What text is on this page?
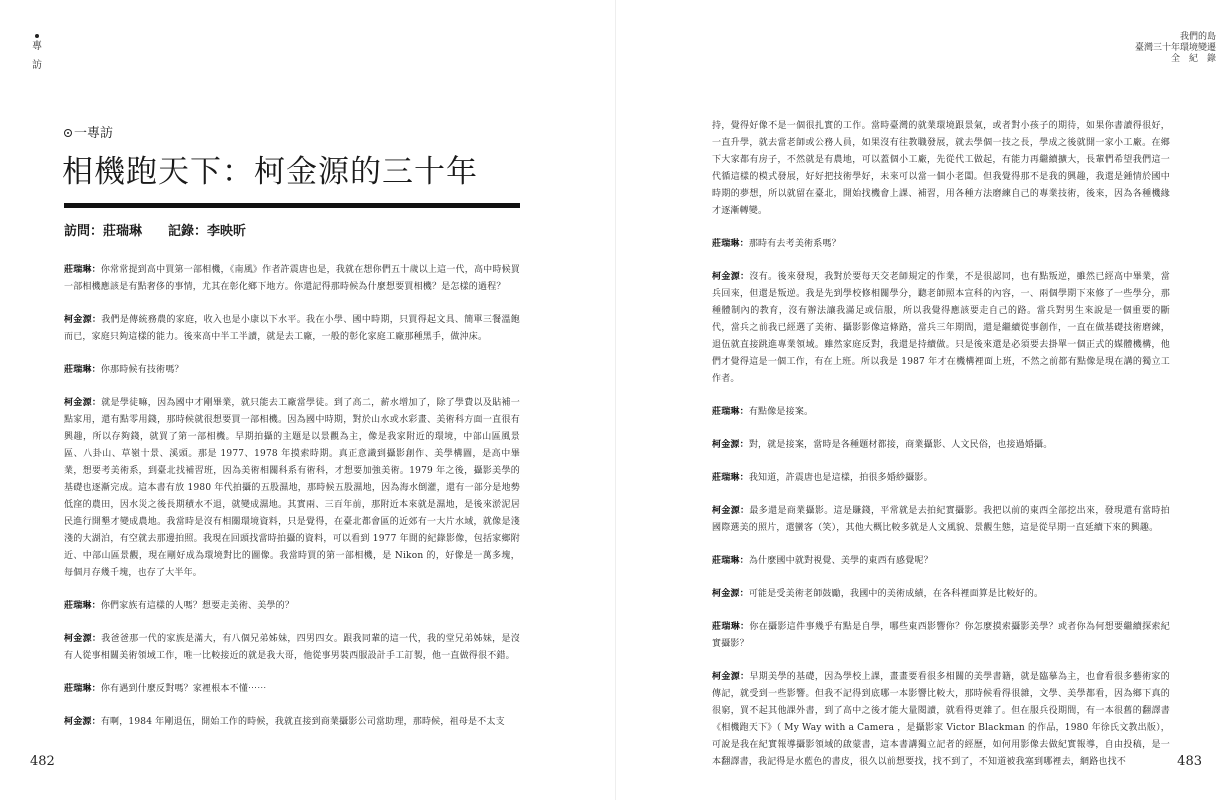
專
訪
一專訪
相機跑天下：柯金源的三十年
訪問：莊瑞琳 記錄：李映昕

莊瑞琳：你常常提到高中買第一部相機，《南風》作者許震唐也是，我就在想你們五十歲以上這一代，高中時候買一部相機應該是有點奢侈的事情，尤其在彰化鄉下地方。你還記得那時候為什麼想要買相機？是怎樣的過程？

柯金源：我們是傳統務農的家庭，收入也是小康以下水平。我在小學、國中時期，只買得起文具、簡單三餐溫飽而已，家庭只夠這樣的能力。後來高中半工半讀，就是去工廠，一般的彰化家庭工廠那種黑手，做沖床。

莊瑞琳：你那時候有技術嗎？

柯金源：就是學徒嘛，因為國中才剛畢業，就只能去工廠當學徒。到了高二，薪水增加了，除了學費以及貼補一點家用，還有點零用錢，那時候就很想要買一部相機。因為國中時期，對於山水或水彩畫、美術科方面一直很有興趣，所以存夠錢，就買了第一部相機。早期拍攝的主題是以景觀為主，像是我家附近的環境，中部山區風景區、八卦山、草嶺十景、溪頭。那是 1977、1978 年摸索時期。真正意識到攝影創作、美學構圖，是高中畢業，想要考美術系，到臺北找補習班，因為美術相關科系有術科，才想要加強美術。1979 年之後，攝影美學的基礎也逐漸完成。這本書有放 1980 年代拍攝的五股濕地，那時候五股濕地，因為海水倒灌，還有一部分是地勢低窪的農田，因水災之後長期積水不退，就變成濕地。其實兩、三百年前，那附近本來就是濕地，是後來淤泥居民進行開墾才變成農地。我當時是沒有相關環境資料，只是覺得，在臺北都會區的近郊有一大片水域，就像是淺淺的大湖泊，有空就去那邊拍照。我現在回頭找當時拍攝的資料，可以看到 1977 年間的紀錄影像，包括家鄉附近、中部山區景觀，現在剛好成為環境對比的圖像。我當時買的第一部相機，是 Nikon 的，好像是一萬多塊，每個月存幾千塊，也存了大半年。

莊瑞琳：你們家族有這樣的人嗎？想要走美術、美學的？

柯金源：我爸爸那一代的家族是滿大，有八個兄弟姊妹，四男四女。跟我同輩的這一代，我的堂兄弟姊妹，是沒有人從事相關美術領域工作，唯一比較接近的就是我大哥，他從事男裝西服設計手工訂製，他一直做得很不錯。

莊瑞琳：你有遇到什麼反對嗎？家裡根本不懂⋯⋯

柯金源：有啊，1984 年剛退伍，開始工作的時候，我就直接到商業攝影公司當助理，那時候，祖母是不太支

482
我們的島
臺灣三十年環境變遷
全　紀　錄

持，覺得好像不是一個很扎實的工作。當時臺灣的就業環境跟景氣，或者對小孩子的期待，如果你書讀得很好，一直升學，就去當老師或公務人員，如果沒有往教職發展，就去學個一技之長，學成之後就開一家小工廠。在鄉下大家都有房子，不然就是有農地，可以蓋個小工廠，先從代工做起，有能力再繼續擴大，長輩們希望我們這一代循這樣的模式發展，好好把技術學好，未來可以當一個小老闆。但我覺得那不是我的興趣，我還是鍾情於國中時期的夢想，所以就留在臺北，開始找機會上課、補習，用各種方法磨練自己的專業技術，後來，因為各種機緣才逐漸轉變。

莊瑞琳：那時有去考美術系嗎？

柯金源：沒有。後來發現，我對於要每天交老師規定的作業，不是很認同，也有點叛逆，雖然已經高中畢業，當兵回來，但還是叛逆。我是先到學校修相關學分，聽老師照本宣科的內容，一、兩個學期下來修了一些學分，那種體制內的教育，沒有辦法讓我滿足或信服，所以我覺得應該要走自己的路。當兵對男生來說是一個重要的斷代，當兵之前我已經選了美術、攝影影像這條路，當兵三年期間，還是繼續從事創作，一直在做基礎技術磨練，退伍就直接跳進專業領域。雖然家庭反對，我還是持續做。只是後來還是必須要去掛單一個正式的媒體機構，他們才覺得這是一個工作，有在上班。所以我是 1987 年才在機構裡面上班，不然之前都有點像是現在講的獨立工作者。

莊瑞琳：有點像是接案。

柯金源：對，就是接案，當時是各種題材都接，商業攝影、人文民俗，也接過婚攝。

莊瑞琳：我知道，許震唐也是這樣，拍很多婚紗攝影。

柯金源：最多還是商業攝影。這是賺錢，平常就是去拍紀實攝影。我把以前的東西全部挖出來，發現還有當時拍國際選美的照片，還蠻客（笑），其他大概比較多就是人文風貌、景觀生態，這是從早期一直延續下來的興趣。

莊瑞琳：為什麼國中就對視覺、美學的東西有感覺呢？

柯金源：可能是受美術老師鼓勵，我國中的美術成績，在各科裡面算是比較好的。

莊瑞琳：你在攝影這件事幾乎有點是自學，哪些東西影響你？你怎麼摸索攝影美學？或者你為何想要繼續探索紀實攝影？

柯金源：早期美學的基礎，因為學校上課，畫畫要看很多相關的美學書籍，就是臨摹為主，也會看很多藝術家的傳記，就受到一些影響。但我不記得到底哪一本影響比較大，那時候看得很雜，文學、美學都看，因為鄉下真的很窮，買不起其他課外書，到了高中之後才能大量閱讀，就看得更雜了。但在服兵役期間，有一本很舊的翻譯書《相機跑天下》（ My Way with a Camera ，是攝影家 Victor Blackman 的作品，1980 年徐氏文教出版），可說是我在紀實報導攝影領域的啟蒙書，這本書講獨立記者的經歷，如何用影像去做紀實報導，自由投稿，是一本翻譯書，我記得是水藍色的書皮，很久以前想要找，找不到了，不知道被我塞到哪裡去，網路也找不	483
